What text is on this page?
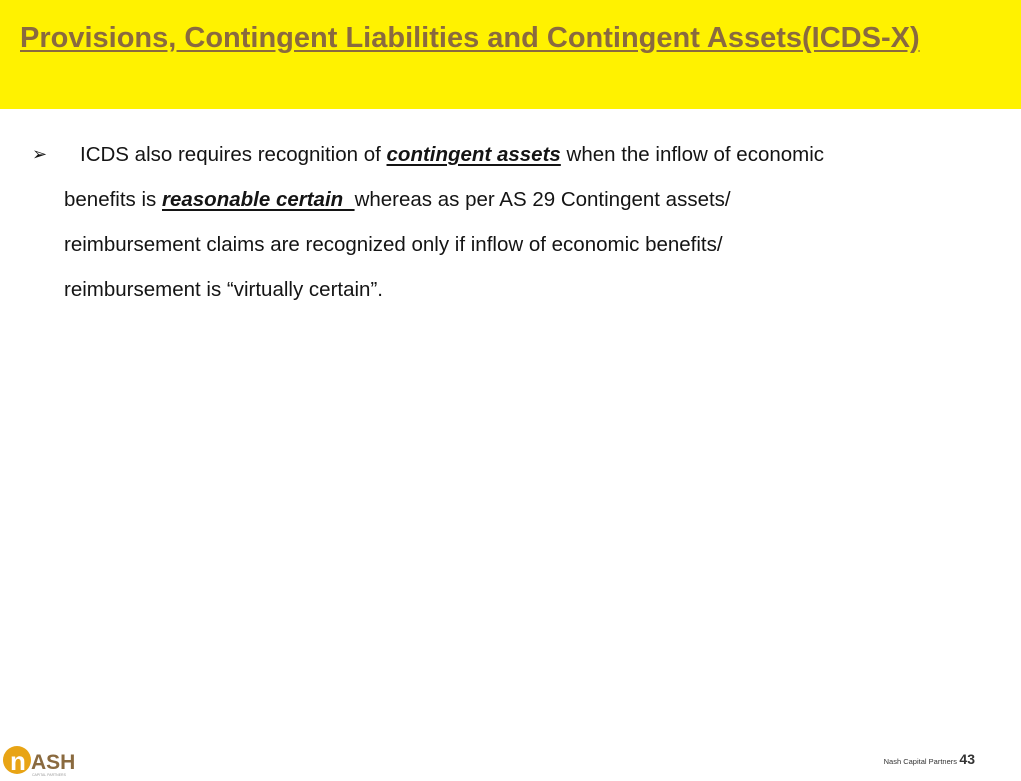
Provisions, Contingent Liabilities and Contingent Assets(ICDS-X)
➢ ICDS also requires recognition of contingent assets when the inflow of economic
benefits is reasonable certain  whereas as per AS 29 Contingent assets/
reimbursement claims are recognized only if inflow of economic benefits/
reimbursement is “virtually certain”.
n ASH
CAPITAL PARTNERS
Nash Capital Partners 43
